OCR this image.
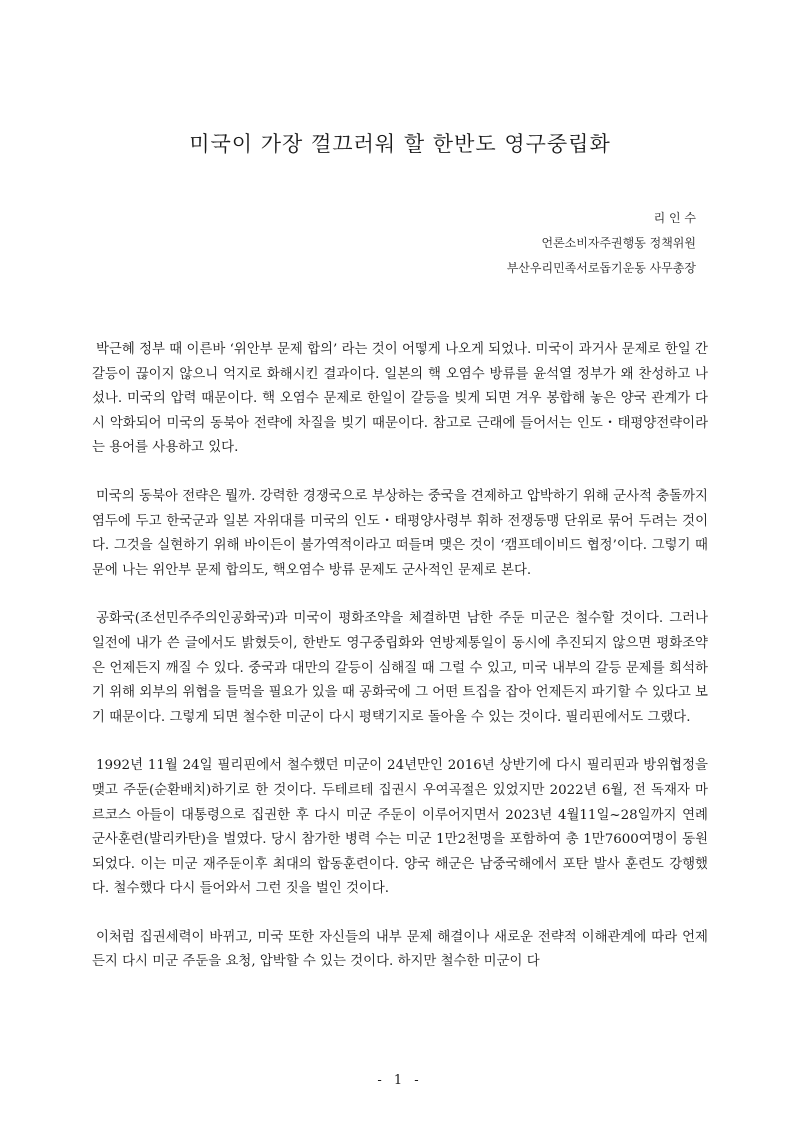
미국이 가장 껄끄러워 할 한반도 영구중립화
리 인 수
언론소비자주권행동 정책위원
부산우리민족서로돕기운동 사무총장

박근혜 정부 때 이른바 ‘위안부 문제 합의’ 라는 것이 어떻게 나오게 되었나. 미국이 과거사 문제로 한일 간 갈등이 끊이지 않으니 억지로 화해시킨 결과이다. 일본의 핵 오염수 방류를 윤석열 정부가 왜 찬성하고 나섰나. 미국의 압력 때문이다. 핵 오염수 문제로 한일이 갈등을 빚게 되면 겨우 봉합해 놓은 양국 관계가 다시 악화되어 미국의 동북아 전략에 차질을 빚기 때문이다. 참고로 근래에 들어서는 인도・태평양전략이라는 용어를 사용하고 있다.

미국의 동북아 전략은 뭘까. 강력한 경쟁국으로 부상하는 중국을 견제하고 압박하기 위해 군사적 충돌까지 염두에 두고 한국군과 일본 자위대를 미국의 인도・태평양사령부 휘하 전쟁동맹 단위로 묶어 두려는 것이다. 그것을 실현하기 위해 바이든이 불가역적이라고 떠들며 맺은 것이 ‘캠프데이비드 협정’이다. 그렇기 때문에 나는 위안부 문제 합의도, 핵오염수 방류 문제도 군사적인 문제로 본다.

공화국(조선민주주의인공화국)과 미국이 평화조약을 체결하면 남한 주둔 미군은 철수할 것이다. 그러나 일전에 내가 쓴 글에서도 밝혔듯이, 한반도 영구중립화와 연방제통일이 동시에 추진되지 않으면 평화조약은 언제든지 깨질 수 있다. 중국과 대만의 갈등이 심해질 때 그럴 수 있고, 미국 내부의 갈등 문제를 희석하기 위해 외부의 위협을 들먹을 필요가 있을 때 공화국에 그 어떤 트집을 잡아 언제든지 파기할 수 있다고 보기 때문이다. 그렇게 되면 철수한 미군이 다시 평택기지로 돌아올 수 있는 것이다. 필리핀에서도 그랬다.

1992년 11월 24일 필리핀에서 철수했던 미군이 24년만인 2016년 상반기에 다시 필리핀과 방위협정을 맺고 주둔(순환배치)하기로 한 것이다. 두테르테 집권시 우여곡절은 있었지만 2022년 6월, 전 독재자 마르코스 아들이 대통령으로 집권한 후 다시 미군 주둔이 이루어지면서 2023년 4월11일~28일까지 연례 군사훈련(발리카탄)을 벌였다. 당시 참가한 병력 수는 미군 1만2천명을 포함하여 총 1만7600여명이 동원되었다. 이는 미군 재주둔이후 최대의 합동훈련이다. 양국 해군은 남중국해에서 포탄 발사 훈련도 강행했다. 철수했다 다시 들어와서 그런 짓을 벌인 것이다.

이처럼 집권세력이 바뀌고, 미국 또한 자신들의 내부 문제 해결이나 새로운 전략적 이해관계에 따라 언제든지 다시 미군 주둔을 요청, 압박할 수 있는 것이다. 하지만 철수한 미군이 다

- 1 -
